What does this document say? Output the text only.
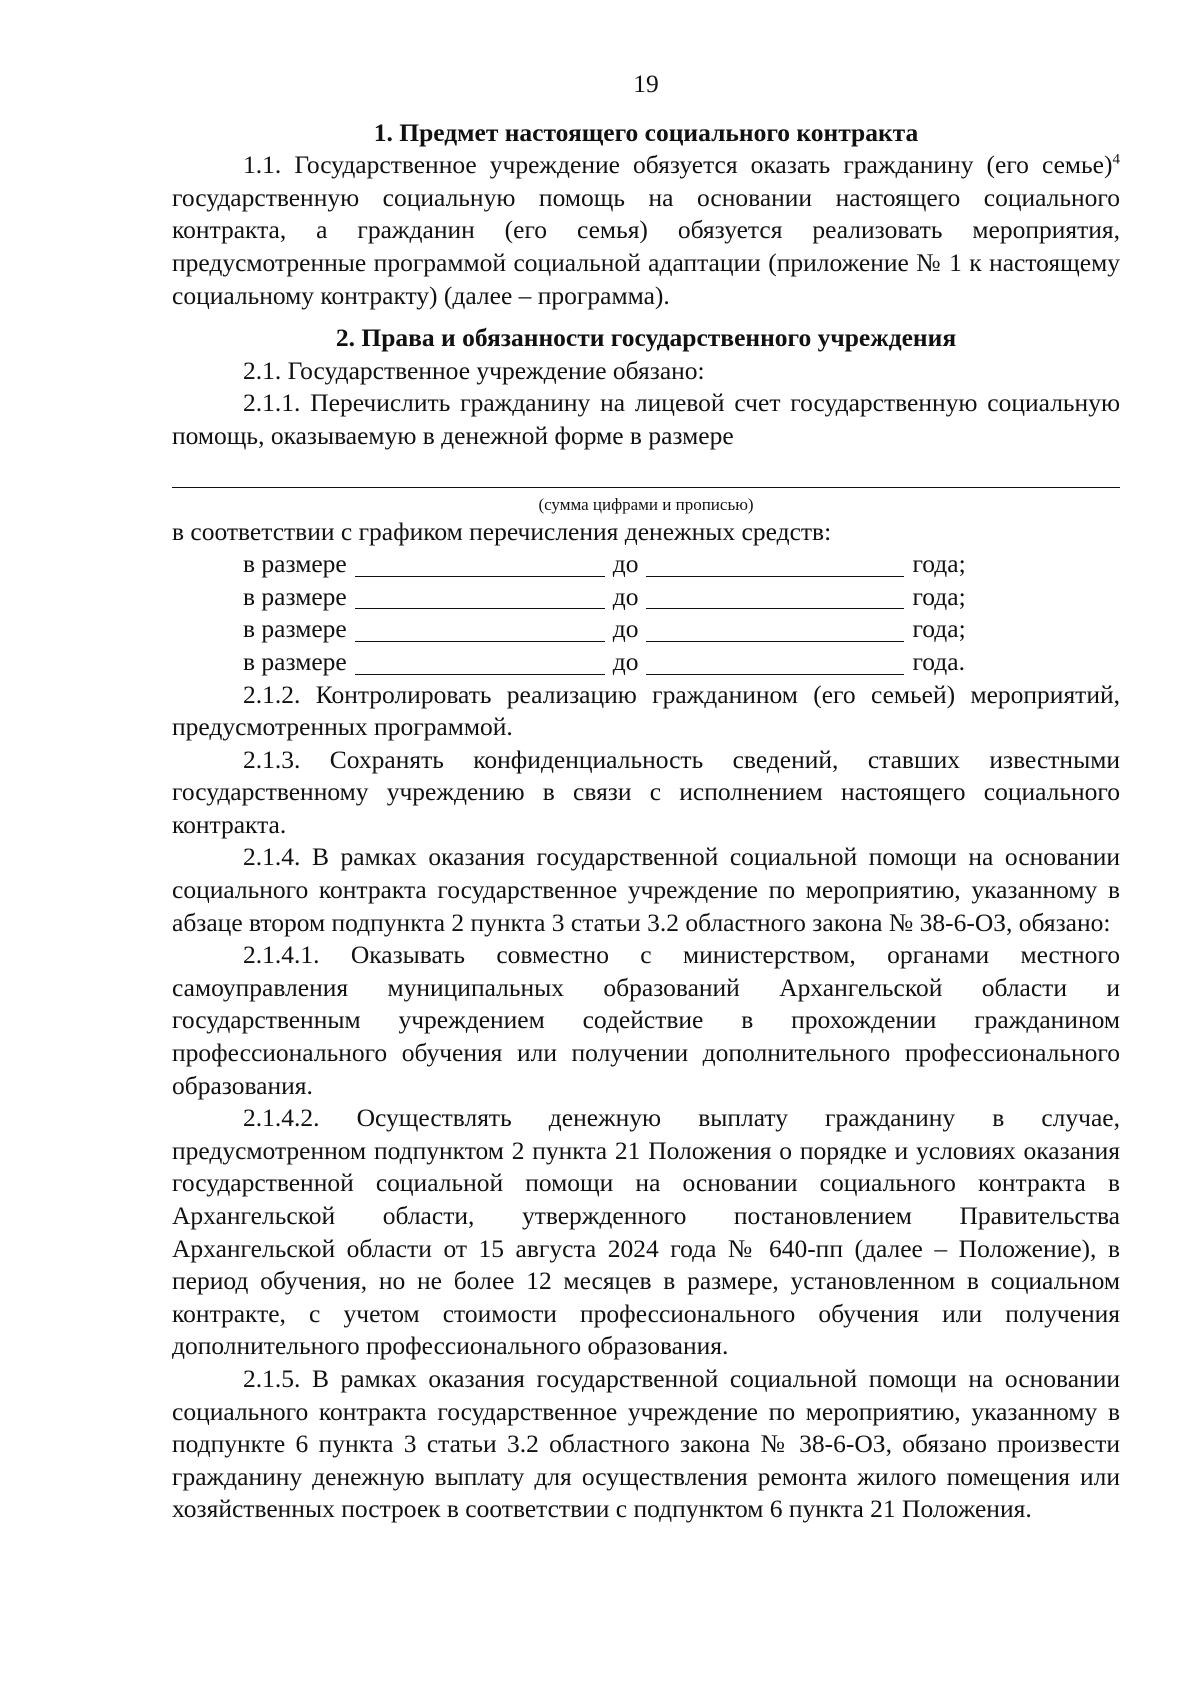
19
1. Предмет настоящего социального контракта

1.1. Государственное учреждение обязуется оказать гражданину (его семье)$^4$ государственную социальную помощь на основании настоящего социального контракта, а гражданин (его семья) обязуется реализовать мероприятия, предусмотренные программой социальной адаптации (приложение № 1 к настоящему социальному контракту) (далее – программа).

2. Права и обязанности государственного учреждения

2.1. Государственное учреждение обязано:

2.1.1. Перечислить гражданину на лицевой счет государственную социальную помощь, оказываемую в денежной форме в размере

(сумма цифрами и прописью)

в соответствии с графиком перечисления денежных средств:

в размере	до	года;
в размере	до	года;
в размере	до	года;
в размере	до	года.

2.1.2. Контролировать реализацию гражданином (его семьей) мероприятий, предусмотренных программой.

2.1.3. Сохранять конфиденциальность сведений, ставших известными государственному учреждению в связи с исполнением настоящего социального контракта.

2.1.4. В рамках оказания государственной социальной помощи на основании социального контракта государственное учреждение по мероприятию, указанному в абзаце втором подпункта 2 пункта 3 статьи 3.2 областного закона № 38-6-ОЗ, обязано:

2.1.4.1. Оказывать совместно с министерством, органами местного самоуправления муниципальных образований Архангельской области и государственным учреждением содействие в прохождении гражданином профессионального обучения или получении дополнительного профессионального образования.

2.1.4.2. Осуществлять денежную выплату гражданину в случае, предусмотренном подпунктом 2 пункта 21 Положения о порядке и условиях оказания государственной социальной помощи на основании социального контракта в Архангельской области, утвержденного постановлением Правительства Архангельской области от 15 августа 2024 года № 640-пп (далее – Положение), в период обучения, но не более 12 месяцев в размере, установленном в социальном контракте, с учетом стоимости профессионального обучения или получения дополнительного профессионального образования.

2.1.5. В рамках оказания государственной социальной помощи на основании социального контракта государственное учреждение по мероприятию, указанному в подпункте 6 пункта 3 статьи 3.2 областного закона № 38-6-ОЗ, обязано произвести гражданину денежную выплату для осуществления ремонта жилого помещения или хозяйственных построек в соответствии с подпунктом 6 пункта 21 Положения.
